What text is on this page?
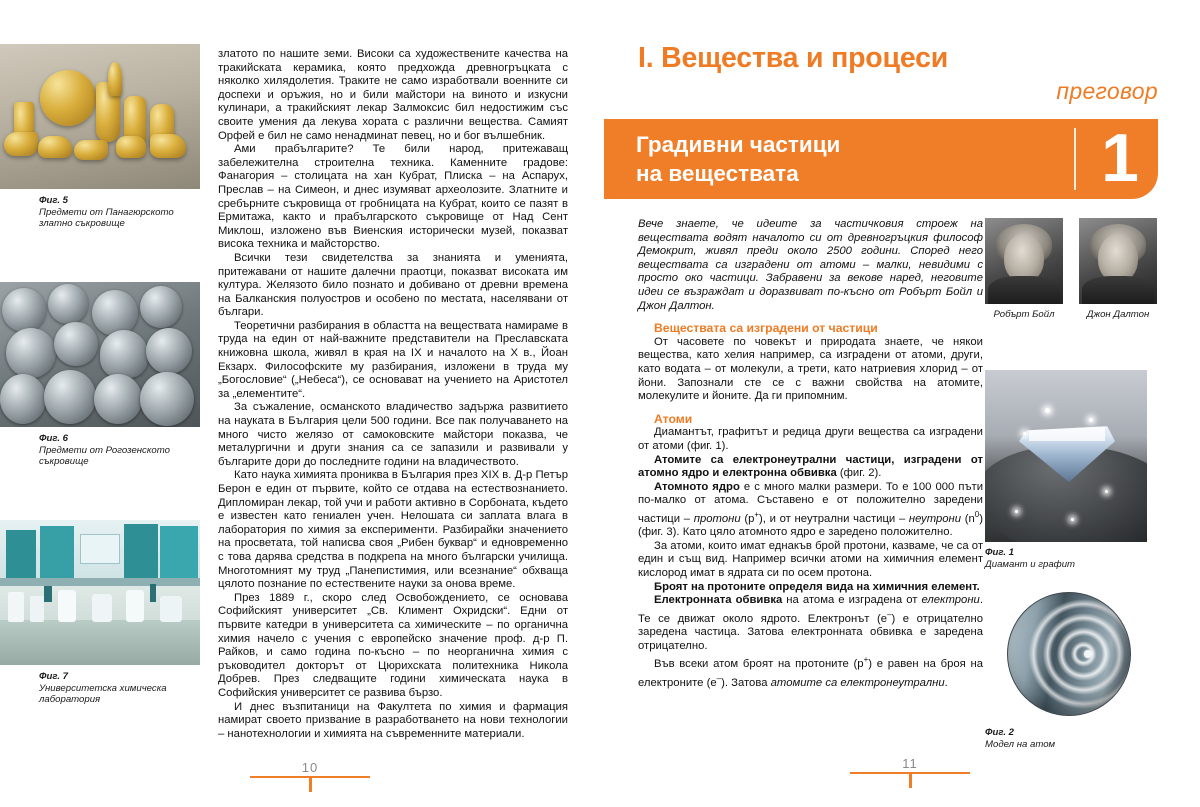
Фиг. 5
Предмети от Панагюрското златно съкровище
Фиг. 6
Предмети от Рогозенското съкровище
Фиг. 7
Университетска химическа лаборатория

златото по нашите земи. Високи са художествените качества на тракийската керамика, която предхожда древногръцката с няколко хилядолетия. Траките не само изработвали военните си доспехи и оръжия, но и били майстори на виното и изкусни кулинари, а тракийският лекар Залмоксис бил недостижим със своите умения да лекува хората с различни вещества. Самият Орфей е бил не само ненадминат певец, но и бог вълшебник.

Ами прабългарите? Те били народ, притежаващ забележителна строителна техника. Каменните градове: Фанагория – столицата на хан Кубрат, Плиска – на Аспарух, Преслав – на Симеон, и днес изумяват археолозите. Златните и сребърните съкровища от гробницата на Кубрат, които се пазят в Ермитажа, както и прабългарското съкровище от Над Сент Миклош, изложено във Виенския исторически музей, показват висока техника и майсторство.

Всички тези свидетелства за знанията и уменията, притежавани от нашите далечни праотци, показват високата им култура. Желязото било познато и добивано от древни времена на Балканския полуостров и особено по местата, населявани от българи.

Теоретични разбирания в областта на веществата намираме в труда на един от най-важните представители на Преславската книжовна школа, живял в края на IX и началото на X в., Йоан Екзарх. Философските му разбирания, изложени в труда му „Богословие“ („Небеса“), се основават на учението на Аристотел за „елементите“.

За съжаление, османското владичество задържа развитието на науката в България цели 500 години. Все пак получаването на много чисто желязо от самоковските майстори показва, че металургични и други знания са се запазили и развивали у българите дори до последните години на владичеството.

Като наука химията прониква в България през XIX в. Д-р Петър Берон е един от първите, който се отдава на естествознанието. Дипломиран лекар, той учи и работи активно в Сорбоната, където е известен като гениален учен. Нелошата си заплата влага в лаборатория по химия за експерименти. Разбирайки значението на просветата, той написва своя „Рибен буквар“ и едновременно с това дарява средства в подкрепа на много български училища. Многотомният му труд „Панепистимия, или всезнание“ обхваща цялото познание по естествените науки за онова време.

През 1889 г., скоро след Освобождението, се основава Софийският университет „Св. Климент Охридски“. Едни от първите катедри в университета са химическите – по органична химия начело с учения с европейско значение проф. д-р П. Райков, и само година по-късно – по неорганична химия с ръководител докторът от Цюрихската политехника Никола Добрев. През следващите години химическата наука в Софийския университет се развива бързо.

И днес възпитаници на Факултета по химия и фармация намират своето призвание в разработването на нови технологии – нанотехнологии и химията на съвременните материали.

10
I. Вещества и процеси
преговор
Градивни частици
на веществата	1

Вече знаете, че идеите за частичковия строеж на веществата водят началото си от древногръцкия философ Демокрит, живял преди около 2500 години. Според него веществата са изградени от атоми – малки, невидими с просто око частици. Забравени за векове наред, неговите идеи се възраждат и доразвиват по-късно от Робърт Бойл и Джон Далтон.

Веществата са изградени от частици

От часовете по човекът и природата знаете, че някои вещества, като хелия например, са изградени от атоми, други, като водата – от молекули, а трети, като натриевия хлорид – от йони. Запознали сте се с важни свойства на атомите, молекулите и йоните. Да ги припомним.

Атоми

Диамантът, графитът и редица други вещества са изградени от атоми (фиг. 1).

Атомите са електронеутрални частици, изградени от атомно ядро и електронна обвивка (фиг. 2).

Атомното ядро е с много малки размери. То е 100 000 пъти по-малко от атома. Съставено е от положително заредени частици – протони (p+), и от неутрални частици – неутрони $(n^0)$ (фиг. 3). Като цяло атомното ядро е заредено положително.

За атоми, които имат еднакъв брой протони, казваме, че са от един и същ вид. Например всички атоми на химичния елемент кислород имат в ядрата си по осем протона.

Броят на протоните определя вида на химичния елемент.

Електронната обвивка на атома е изградена от електрони. Те се движат около ядрото. Електронът (e–) е отрицателно заредена частица. Затова електронната обвивка е заредена отрицателно.

Във всеки атом броят на протоните (p+) е равен на броя на електроните (e–). Затова атомите са електронеутрални.

Робърт Бойл	Джон Далтон
Фиг. 1
Диамант и графит
Фиг. 2
Модел на атом
11
